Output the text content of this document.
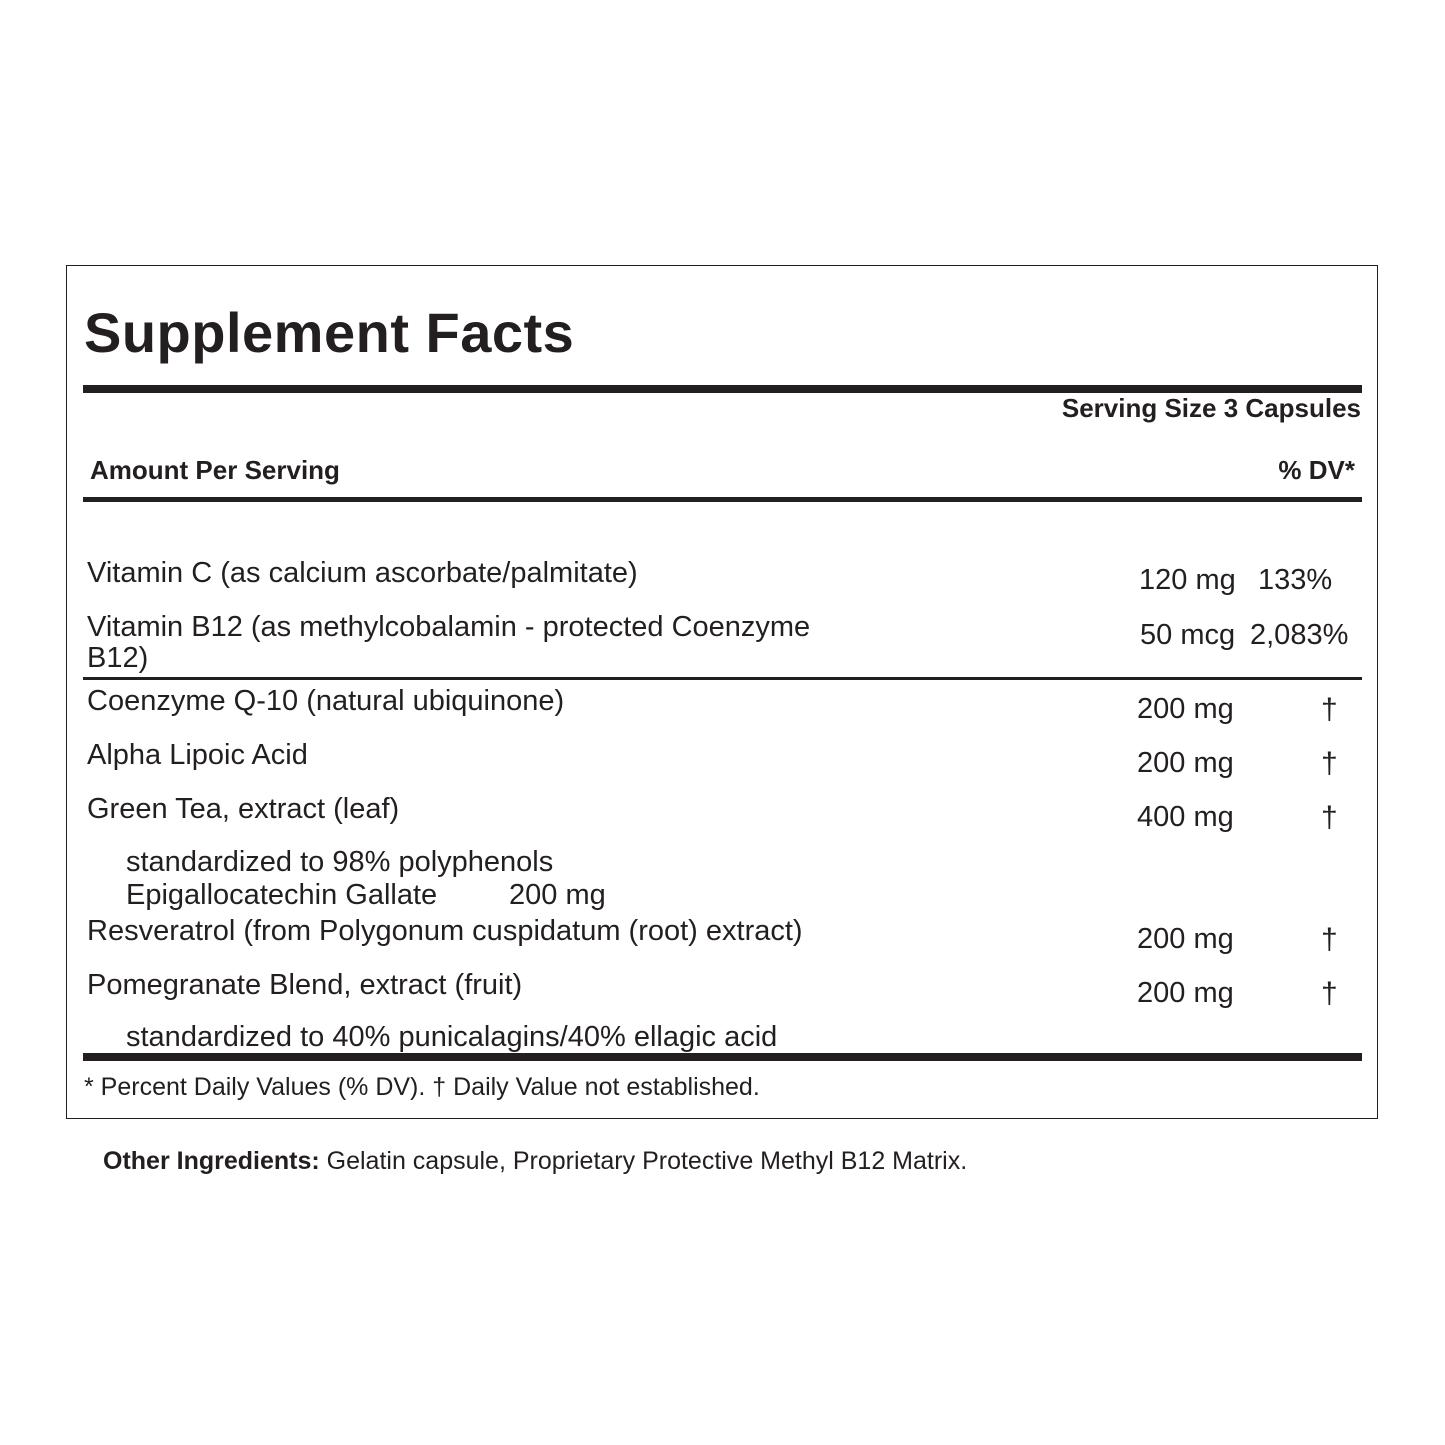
Supplement Facts
Serving Size 3 Capsules
Amount Per Serving	% DV*
Vitamin C (as calcium ascorbate/palmitate)	120 mg 133%
Vitamin B12 (as methylcobalamin - protected Coenzyme
B12)
50 mcg 2,083%
Coenzyme Q-10 (natural ubiquinone)	200 mg	†
Alpha Lipoic Acid	200 mg	†
Green Tea, extract (leaf)	400 mg	†
standardized to 98% polyphenols
Epigallocatechin Gallate 200 mg
Resveratrol (from Polygonum cuspidatum (root) extract)	200 mg	†
Pomegranate Blend, extract (fruit)	200 mg	†
standardized to 40% punicalagins/40% ellagic acid
* Percent Daily Values (% DV). † Daily Value not established.
Other Ingredients: Gelatin capsule, Proprietary Protective Methyl B12 Matrix.
